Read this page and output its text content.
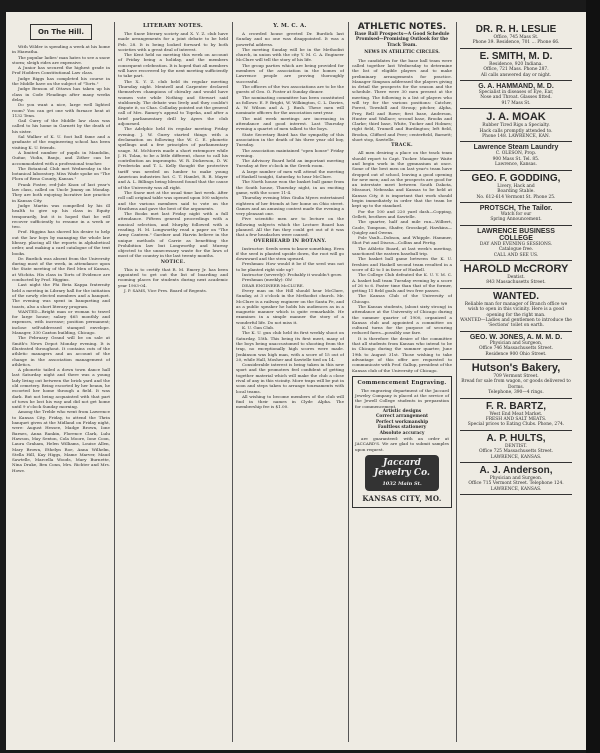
On The Hill.

With Wilder is spending a week at his home in Hiawatha.

The popular ladies' man hates to see a snow storm; sleigh rides are expensive.

A Junior has secured the highest grade in Prof Hodders Constitutional Law class.

Judge Riggs has completed his course in the Middle have on the subject of "Torts."

Judge Benson of Ottawa has taken up his class in Code Pleadings after many weeks delay.

Do you want a nice, large well lighted room? You can get one with furnace heat at 1132 Tenn.

Gail Curry of the Middle law class was called to his home in Garnett by the death of his sister.

Sal Walker of K. U. foot ball fame and a graduate of the engineering school has been visiting K. U. friends.

A limited number of pupils in Mandolin, Guitar, Violin, Banjo, and Zither can be accommodated with a professional teacher.

The Botanical Club met Wednesday in the botanical laboratory. Miss Wade spoke on "The Flora of Reno County, Kansas."

Frank Foster, red-Jule Knox of last year's law class, called on Uncle Jimmy on Monday. They are both enjoying lucrative law practice in Kansas City.

Judge Martin was compelled by his ill health to give up his class in Equity temporarily, but it is hoped that he will recover sufficiently to resume in a week or two.

Prof. Higgins has shoved his desire to help out the law boys by managing the whole law library, placing all the reports in alphabetical order, and making a card catalogue of the text books.

Dr. Burdick was absent from the University during most of the week, in attendance upon the State meeting of the Red Men of Kansas, at Wichita. His class in Torts of Evidence are conducted by Prof. Higgins.

Last night the Phi Beta Kappa fraternity held a meeting in Library hall for the initiation of the newly elected members and a banquet. The evening was spent in banqueting and toasts, also a short literary program.

WANTED—Bright man or woman to travel for large house; salary $65 monthly and expenses, with increase; position permanent; inclose self-addressed stamped envelope. Manager, 330 Caxton building, Chicago.

The February Grand will be on sale at Smith's News Depot Monday evening. It is illustrated throughout. It contains cuts of the athletic managers and an account of the change in the association management of athletics.

A phonetic tailed a down town dance hall last Saturday night and there was a young lady living out between the brick yard and the old cemetery. Being escorted by her beaux, he escorted her home through a field. It was dark. But not being acquainted with that part of town he lost his way and did not get home until 9 o'clock Sunday morning.

Among the Treble who went from Lawrence to Kansas City, Friday, to attend the Thrin banquet given at the Midland on Friday night, were: August Hessee, Madge Brown, Ione Barnes, Anna Rankin, Florence Clark, Lulu Hawson, May Sexton, Cola Moore, Ione Coon, Laura Graham, Helen Williams, Louise Allen, Mary Brown, Ethelyn Roe, Anna Wilhelm, Stella Hill, Kay Higgs, Mame Marver, Maud Sawtelle, Marcella Woods, Mary Burnette, Nina Drake, Ben Conn, Mrs. Richter and Mrs. Howe.

LITERARY NOTES.

The Snow literary society and X. Y. Z. club have made arrangements for a joint debate to be held Feb. 28. It is being looked forward to by both societies with a great deal of interest.

The Kent held no meeting this week on account of Friday being a holiday, and the members consequent celebration. It is hoped that all members will have recovered by the next meeting sufficiently to take part.

The X. Y. Z. club held its regular meeting Thursday night. Mentzell and Carpenter declared themselves champions of chivalry and would have women vote while Nothing and Stewart said stubbornly. The debate was lively and they couldn't dispute it, so Chas. Colladay pointed out the general call of Mrs. Ramey's appeal to Topeka, and after a brief parliamentary drill by Ayers the club adjourned.

The Adelphic held its regular meeting Friday evening. J. W. Gurry started things with a declamation on following the W. C. E. phonetic spellings and a few principles of parliamentary usage. M. McMorris made a short extempore while J. H. Tolan, to be a little different, chose to call his contribution an impromptu. W. R. Dickerson, D. W. Fredericks and T. L. Kelly thought the protective tariff was needed on lumber to make young American industries hot. C. T. Hamlet, R. B. Mayer and A. L. Billings being blessed found that the cause of the University was all right.

The Snow met at the usual time last week. After roll call original table was opened upon 500 subjects and the various members said to vote on the Heathens and gave the best of the arguments.

The Books met last Friday night with a full attendance. Fifteen general proceedings with a musical selection, and Murphy followed with a reading. H. M. Longworthy read a paper on "The Army Canteen." Gardner and Harvin believe in the unique methods of Carrie as benefiting the Prohibition law but Longworthy and Murray objected to the unnecessary waste for the laws of most of the country in the last twenty months.

NOTICE.

This is to certify that R. M. Emery Jr. has been appointed to get out the list of boarding and rooming places for students during next academic year 1903-04.

J. P. SAMS, Vice Pres. Board of Regents.

Y. M. C. A.

A crowded house greeted Dr. Burdick last Sunday and no one was disappointed. It was a powerful address.

The meeting Sunday will be in the Methodist church, in union with the city Y. M. C. A. Engineer McClure will tell the story of his life.

The group parties which are being provided for members of the association in the homes of Lawrence people are proving thoroughly successful.

The officers of the two associations are to be the guests of Geo. O. Foster at Sunday dinner.

The nominating committee has been constituted as follows: E. P. Bright, W. Wilkington, C. L. Davies, A. W. Wilson and A. J. Bush. These men will nominate officers for the association next year.

The mid week meetings are increasing in attendance and good interest. Last Thursday evening a quartet of men talked to the boys.

State Secretary Baird has the sympathy of this association in the death of his three year old boy, Tuesday.

The association maintained "open house" Friday evening.

The Advisory Board held an important meeting Tuesday at five o'clock in the Greek room.

A large number of men will attend the meeting of Haskell tonight, Saturday, to hear McClure.

The North house won the basket ball game from the South house, Thursday night, in an exciting game, with the score 11-4.

Thursday evening Miss Giulia Myers entertained eighteen of her friends at her home on Ohio street. Games and an amusing contest made the evening a very pleasant one.

Five scientific men are to lecture on the following subjects which the Lecture Board has planned. All the fun they could get out of it was that a few headaches were caused.

OVERHEARD IN BOTANY.

Instructor: Seeds seem to know something. Even if the seed is planted upside down, the root will go downward and the stem upward.

Freshman: How would it be if the seed was not to be planted right side up?

Instructor (severely): Probably it wouldn't grow.

Freshman (meekly): Oh!

DEAR ENGINEER McCLURE.

Every man on the Hill should hear McClure, Sunday, at 3 o'clock in the Methodist church. Mr. McClure is a railway engineer on the Santa Fe, and as a public speaker he holds his audiences as in a magnetic manner which is quite remarkable. He examines in a simple manner the story of a wonderful life. Do not miss it.

K. U. Gun Club.

The K. U. gun club held its first weekly shoot on Saturday, 15th. This being its first meet, many of the boys being unaccustomed to shooting from the trap, no exceptionally high scores were made. Jenkinson was high man, with a score of 15 out of 20, while Hall, Mosher and Sawtelle tied on 14.

Considerable interest is being taken in this new sport and the promoters feel confident of getting together material which will make the club a close rival of any in this vicinity. More traps will be put in soon and steps taken to arrange tournaments with local teams.

All wishing to become members of the club will find in their names in Clyde Alpha. The membership fee is $1.00.

ATHLETIC NOTES.

Base Ball Prospects—A Good Schedule Promised—Promising Outlook for the Track Team.

NEWS IN ATHLETIC CIRCLES.

The candidates for the base ball team were called together last Wednesday to determine the list of eligible players and to make preliminary arrangements for practice. Manager Simpson addressed the players giving in detail the prospects for the season and the schedule. There were 30 men present at the meeting. The following is a list of players who will try for the various positions: Catcher, Forest, Townhill and Stroup; pitcher, Alpha, Frey, Bell and Rowe; first base, Anderson, Hunter and Wallace; second base, Brooks and Clarke; third base, White, Tucker and Holmes; right field, Trumell and Burdington; left field, Brodon, Clifford and Peer; centerfield, Barnett; short stop, Sawtelle.

TRACK.

All men desiring a place on the track team should report to Capt. Tucker. Manager Waite and begin work in the gymnasium at once. Some of the best men on last year's team have dropped out of school, leaving a good opening for new men; and as the prospects are good for an interstate meet between South Dakota, Missouri, Nebraska and Kansas to be held at Kansas City, it is important that work should begin immediately in order that the team be kept up to the standard.

For the 100 and 220 yard dash—Copping, Gellett, brothers and Sawtelle.

The quarter, half and mile run—Wilbert, Caole, Tompson, Shafer, Grosskopf, Hawkins—Quigley and Owens.

Pole Vault—Dobson, and Whipple. Hammer, Shot Put and Discus—Collins and Fertig.

The Athletic Board, at last week's meeting, sanctioned the eastern baseball trip.

The basket ball game between the K. U. freshies and Haskell second team resulted in a score of 42 to 5 in favor of Haskell.

The College Club defeated the K. U. Y. M. C. A. basket ball team Tuesday evening by a score of 26 to 6. Faster time than that of the former, getting 11 field goals and two free passes.

The Kansas Club of the University of Chicago.

The Kansas students, (about sixty strong) in attendance at the University of Chicago during the summer quarter of 1900, organized a Kansas club and appointed a committee on cultural turns for the purpose of securing reduced fares—possibly one fare.

It is therefore the desire of the committee that all students from Kansas who intend to be in Chicago during the summer quarter, June 19th to August 31st. Those wishing to take advantage of this offer are requested to communicate with Prof. Gallup, president of the Kansas club of the University of Chicago.

Commencement Engraving.

The engraving department of the Jaccard Jewelry Company is placed at the service of the Jewell College students in preparation for commencement.

Artistic designs

Correct arrangement

Perfect workmanship

Faultless stationery

Absolute accuracy

are guaranteed: with an order at JACCARD'S. We are glad to submit samples upon request.

Jaccard Jewelry Co.
1032 Main St.

KANSAS CITY, MO.

DR. R. H. LESLIE

Office, 745 Mass St.

Phone 39. Residence, 701 ... Phone 66.

E. SMITH, M. D.

Residence, 920 Indiana.

Office, 721 Mass. Phone 287.

All calls answered day or night.

G. A. HAMMAND, M. D.

Specialist in diseases of Eye, Ear,

Nose and Throat. Glasses fitted.

917 Mass St.

J. A. MOAK

Rubber Tired Rigs a Specialty.

Hack calls promptly attended to.

Phone 148. LAWRENCE, KAN.

Lawrence Steam Laundry

C. OLESON, Prop.

900 Mass St. Tel. 85.

Lawrence, Kansas.

GEO. F. GODDING,

Livery, Hack and

Boarding Stable.

No. 612-614 Vermont St. Phone 25.

PROTSCH, The Tailor.

Watch for our

Spring Announcement.

LAWRENCE BUSINESS COLLEGE

DAY AND EVENING SESSIONS.

Catalogue free.

CALL AND SEE US.

HAROLD McCRORY

Dentist.

843 Massachusetts Street.

WANTED.

Reliable man for manager of Branch office we wish to open in this vicinity. Here is a good opening for the right man.

WANTED—Ladies and gentlemen to introduce the 'Sections' toilet on earth.

GEO. W. JONES, A. M. M. D.

Physician and Surgeon,

Office 746 Massachusetts Street.

Residence 900 Ohio Street.

Hutson's Bakery,

709 Vermont Street.

Bread for sale from wagon, or goods delivered to Dorms.

Telephone, 390—4 rings.

F. R. BARTZ,

West End Meat Market.

FRESH AND SALT MEATS.

Special prices to Eating Clubs. Phone, 274.

A. P. HULTS,

DENTIST.

Office 725 Massachusetts Street.

LAWRENCE, KANSAS.

A. J. Anderson,

Physician and Surgeon.

Office 715 Vermont Street. Telephone 124.

LAWRENCE, KANSAS.
